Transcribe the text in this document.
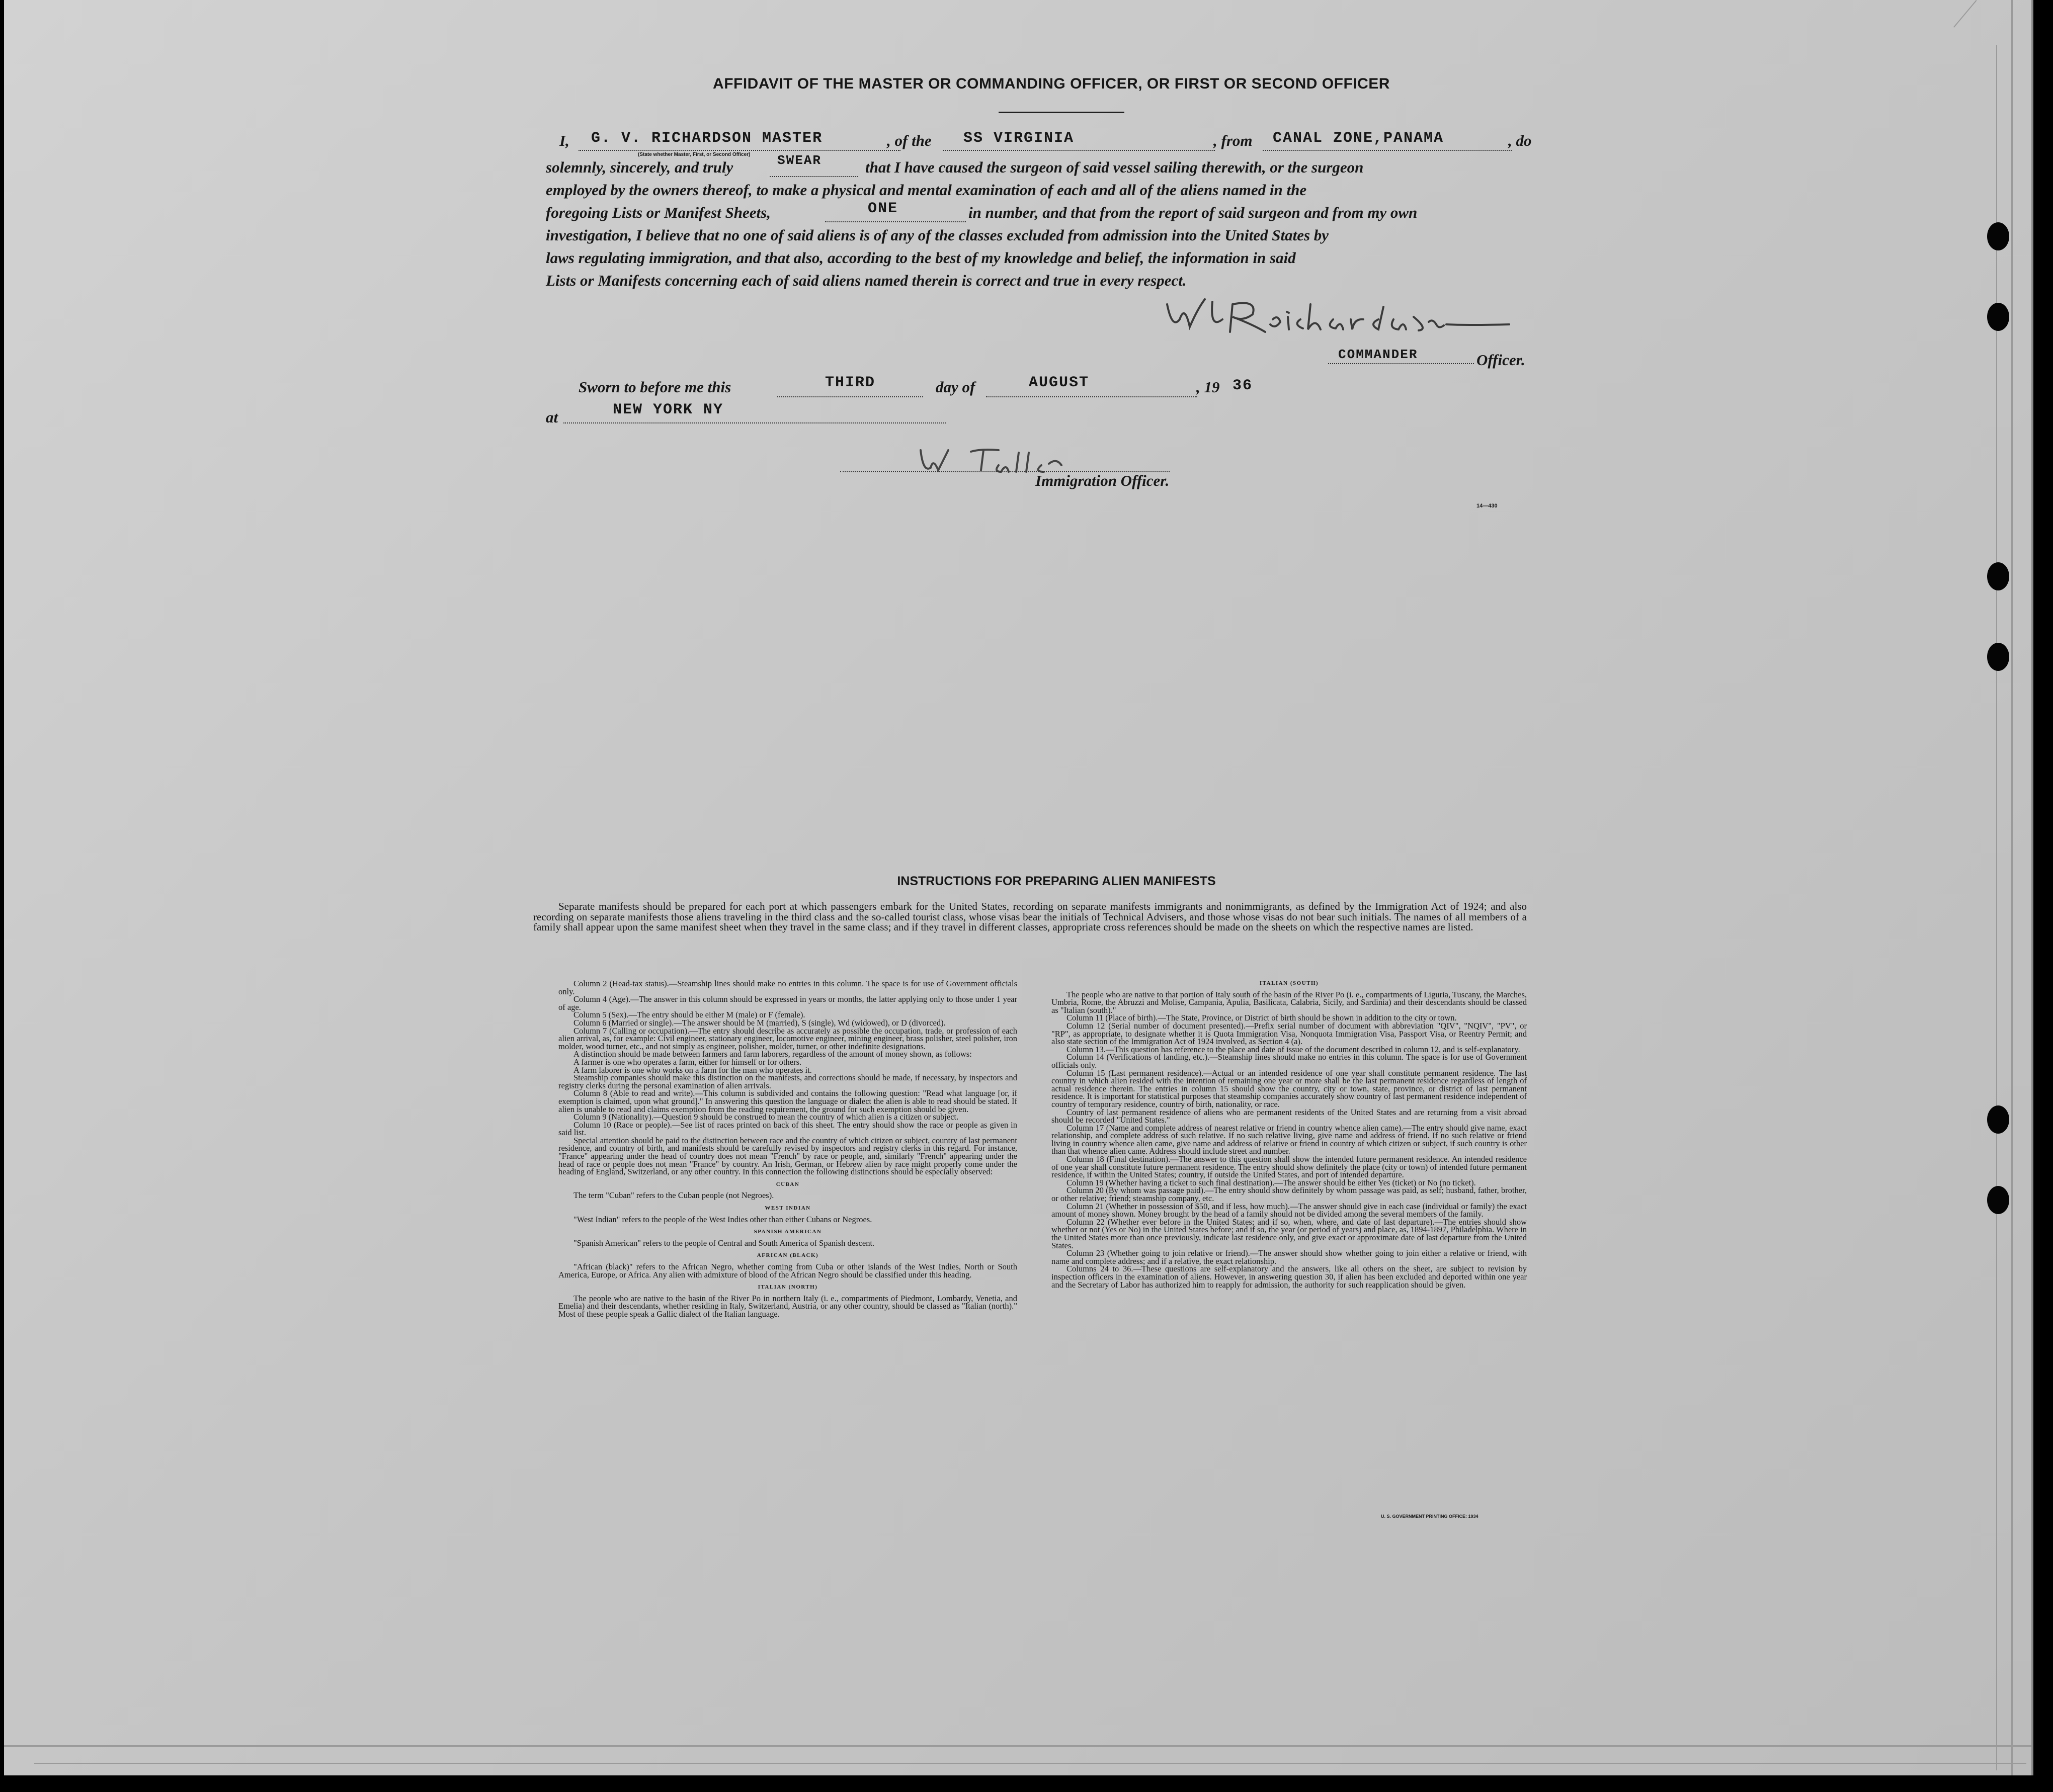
AFFIDAVIT OF THE MASTER OR COMMANDING OFFICER, OR FIRST OR SECOND OFFICER
I, G. V. RICHARDSON MASTER
(State whether Master, First, or Second Officer)
, of the SS VIRGINIA	, from CANAL ZONE,PANAMA	, do
solemnly, sincerely, and truly	SWEAR	that I have caused the surgeon of said vessel sailing therewith, or the surgeon
employed by the owners thereof, to make a physical and mental examination of each and all of the aliens named in the
foregoing Lists or Manifest Sheets,	ONE	in number, and that from the report of said surgeon and from my own
investigation, I believe that no one of said aliens is of any of the classes excluded from admission into the United States by
laws regulating immigration, and that also, according to the best of my knowledge and belief, the information in said
Lists or Manifests concerning each of said aliens named therein is correct and true in every respect.
COMMANDER	Officer.
Sworn to before me this	THIRD	day of	AUGUST	, 19 36
at	NEW YORK NY
Immigration Officer.
14—430
INSTRUCTIONS FOR PREPARING ALIEN MANIFESTS
Separate manifests should be prepared for each port at which passengers embark for the United States, recording on separate manifests immigrants and nonimmigrants, as defined by the Immigration Act of 1924; and also recording on separate manifests those aliens traveling in the third class and the so-called tourist class, whose visas bear the initials of Technical Advisers, and those whose visas do not bear such initials. The names of all members of a family shall appear upon the same manifest sheet when they travel in the same class; and if they travel in different classes, appropriate cross references should be made on the sheets on which the respective names are listed.

Column 2 (Head-tax status).—Steamship lines should make no entries in this column. The space is for use of Government officials only.

Column 4 (Age).—The answer in this column should be expressed in years or months, the latter applying only to those under 1 year of age.

Column 5 (Sex).—The entry should be either M (male) or F (female).

Column 6 (Married or single).—The answer should be M (married), S (single), Wd (widowed), or D (divorced).

Column 7 (Calling or occupation).—The entry should describe as accurately as possible the occupation, trade, or profession of each alien arrival, as, for example: Civil engineer, stationary engineer, locomotive engineer, mining engineer, brass polisher, steel polisher, iron molder, wood turner, etc., and not simply as engineer, polisher, molder, turner, or other indefinite designations.

A distinction should be made between farmers and farm laborers, regardless of the amount of money shown, as follows:

A farmer is one who operates a farm, either for himself or for others.

A farm laborer is one who works on a farm for the man who operates it.

Steamship companies should make this distinction on the manifests, and corrections should be made, if necessary, by inspectors and registry clerks during the personal examination of alien arrivals.

Column 8 (Able to read and write).—This column is subdivided and contains the following question: "Read what language [or, if exemption is claimed, upon what ground]." In answering this question the language or dialect the alien is able to read should be stated. If alien is unable to read and claims exemption from the reading requirement, the ground for such exemption should be given.

Column 9 (Nationality).—Question 9 should be construed to mean the country of which alien is a citizen or subject.

Column 10 (Race or people).—See list of races printed on back of this sheet. The entry should show the race or people as given in said list.

Special attention should be paid to the distinction between race and the country of which citizen or subject, country of last permanent residence, and country of birth, and manifests should be carefully revised by inspectors and registry clerks in this regard. For instance, "France" appearing under the head of country does not mean "French" by race or people, and, similarly "French" appearing under the head of race or people does not mean "France" by country. An Irish, German, or Hebrew alien by race might properly come under the heading of England, Switzerland, or any other country. In this connection the following distinctions should be especially observed:

CUBAN

The term "Cuban" refers to the Cuban people (not Negroes).

WEST INDIAN

"West Indian" refers to the people of the West Indies other than either Cubans or Negroes.

SPANISH AMERICAN

"Spanish American" refers to the people of Central and South America of Spanish descent.

AFRICAN (BLACK)

"African (black)" refers to the African Negro, whether coming from Cuba or other islands of the West Indies, North or South America, Europe, or Africa. Any alien with admixture of blood of the African Negro should be classified under this heading.

ITALIAN (NORTH)

The people who are native to the basin of the River Po in northern Italy (i. e., compartments of Piedmont, Lombardy, Venetia, and Emelia) and their descendants, whether residing in Italy, Switzerland, Austria, or any other country, should be classed as "Italian (north)." Most of these people speak a Gallic dialect of the Italian language.

ITALIAN (SOUTH)

The people who are native to that portion of Italy south of the basin of the River Po (i. e., compartments of Liguria, Tuscany, the Marches, Umbria, Rome, the Abruzzi and Molise, Campania, Apulia, Basilicata, Calabria, Sicily, and Sardinia) and their descendants should be classed as "Italian (south)."

Column 11 (Place of birth).—The State, Province, or District of birth should be shown in addition to the city or town.

Column 12 (Serial number of document presented).—Prefix serial number of document with abbreviation "QIV", "NQIV", "PV", or "RP", as appropriate, to designate whether it is Quota Immigration Visa, Nonquota Immigration Visa, Passport Visa, or Reentry Permit; and also state section of the Immigration Act of 1924 involved, as Section 4 (a).

Column 13.—This question has reference to the place and date of issue of the document described in column 12, and is self-explanatory.

Column 14 (Verifications of landing, etc.).—Steamship lines should make no entries in this column. The space is for use of Government officials only.

Column 15 (Last permanent residence).—Actual or an intended residence of one year shall constitute permanent residence. The last country in which alien resided with the intention of remaining one year or more shall be the last permanent residence regardless of length of actual residence therein. The entries in column 15 should show the country, city or town, state, province, or district of last permanent residence. It is important for statistical purposes that steamship companies accurately show country of last permanent residence independent of country of temporary residence, country of birth, nationality, or race.

Country of last permanent residence of aliens who are permanent residents of the United States and are returning from a visit abroad should be recorded "United States."

Column 17 (Name and complete address of nearest relative or friend in country whence alien came).—The entry should give name, exact relationship, and complete address of such relative. If no such relative living, give name and address of friend. If no such relative or friend living in country whence alien came, give name and address of relative or friend in country of which citizen or subject, if such country is other than that whence alien came. Address should include street and number.

Column 18 (Final destination).—The answer to this question shall show the intended future permanent residence. An intended residence of one year shall constitute future permanent residence. The entry should show definitely the place (city or town) of intended future permanent residence, if within the United States; country, if outside the United States, and port of intended departure.

Column 19 (Whether having a ticket to such final destination).—The answer should be either Yes (ticket) or No (no ticket).

Column 20 (By whom was passage paid).—The entry should show definitely by whom passage was paid, as self; husband, father, brother, or other relative; friend; steamship company, etc.

Column 21 (Whether in possession of $50, and if less, how much).—The answer should give in each case (individual or family) the exact amount of money shown. Money brought by the head of a family should not be divided among the several members of the family.

Column 22 (Whether ever before in the United States; and if so, when, where, and date of last departure).—The entries should show whether or not (Yes or No) in the United States before; and if so, the year (or period of years) and place, as, 1894-1897, Philadelphia. Where in the United States more than once previously, indicate last residence only, and give exact or approximate date of last departure from the United States.

Column 23 (Whether going to join relative or friend).—The answer should show whether going to join either a relative or friend, with name and complete address; and if a relative, the exact relationship.

Columns 24 to 36.—These questions are self-explanatory and the answers, like all others on the sheet, are subject to revision by inspection officers in the examination of aliens. However, in answering question 30, if alien has been excluded and deported within one year and the Secretary of Labor has authorized him to reapply for admission, the authority for such reapplication should be given.

U. S. GOVERNMENT PRINTING OFFICE: 1934
